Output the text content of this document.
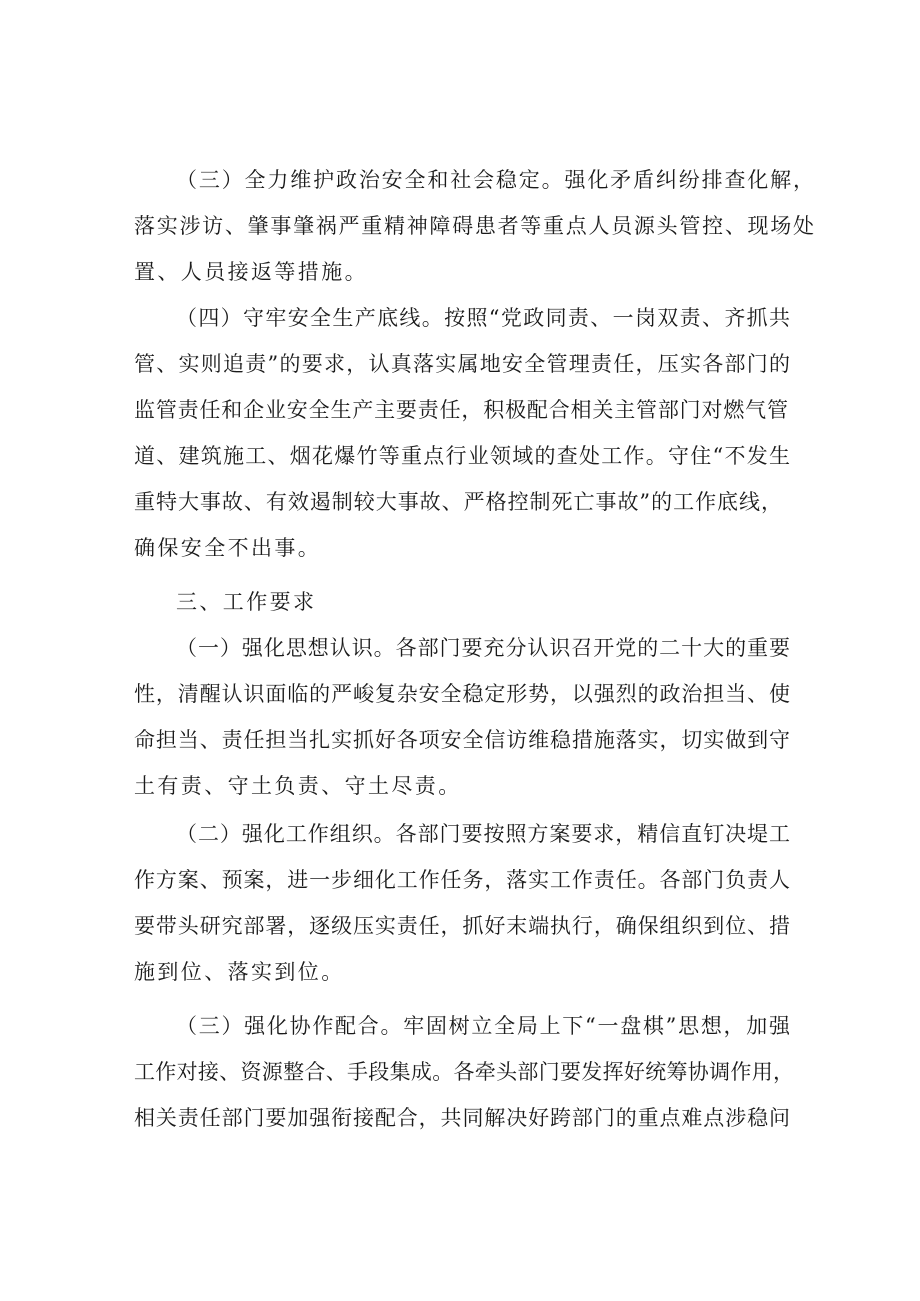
（三）全力维护政治安全和社会稳定。强化矛盾纠纷排查化解，
落实涉访、肇事肇祸严重精神障碍患者等重点人员源头管控、现场处
置、人员接返等措施。
（四）守牢安全生产底线。按照“党政同责、一岗双责、齐抓共
管、实则追责”的要求，认真落实属地安全管理责任，压实各部门的
监管责任和企业安全生产主要责任，积极配合相关主管部门对燃气管
道、建筑施工、烟花爆竹等重点行业领域的查处工作。守住“不发生
重特大事故、有效遏制较大事故、严格控制死亡事故”的工作底线，
确保安全不出事。
三、工作要求
（一）强化思想认识。各部门要充分认识召开党的二十大的重要
性，清醒认识面临的严峻复杂安全稳定形势，以强烈的政治担当、使
命担当、责任担当扎实抓好各项安全信访维稳措施落实，切实做到守
土有责、守土负责、守土尽责。
（二）强化工作组织。各部门要按照方案要求，精信直钉决堤工
作方案、预案，进一步细化工作任务，落实工作责任。各部门负责人
要带头研究部署，逐级压实责任，抓好末端执行，确保组织到位、措
施到位、落实到位。
（三）强化协作配合。牢固树立全局上下“一盘棋”思想，加强
工作对接、资源整合、手段集成。各牵头部门要发挥好统筹协调作用，
相关责任部门要加强衔接配合，共同解决好跨部门的重点难点涉稳问
